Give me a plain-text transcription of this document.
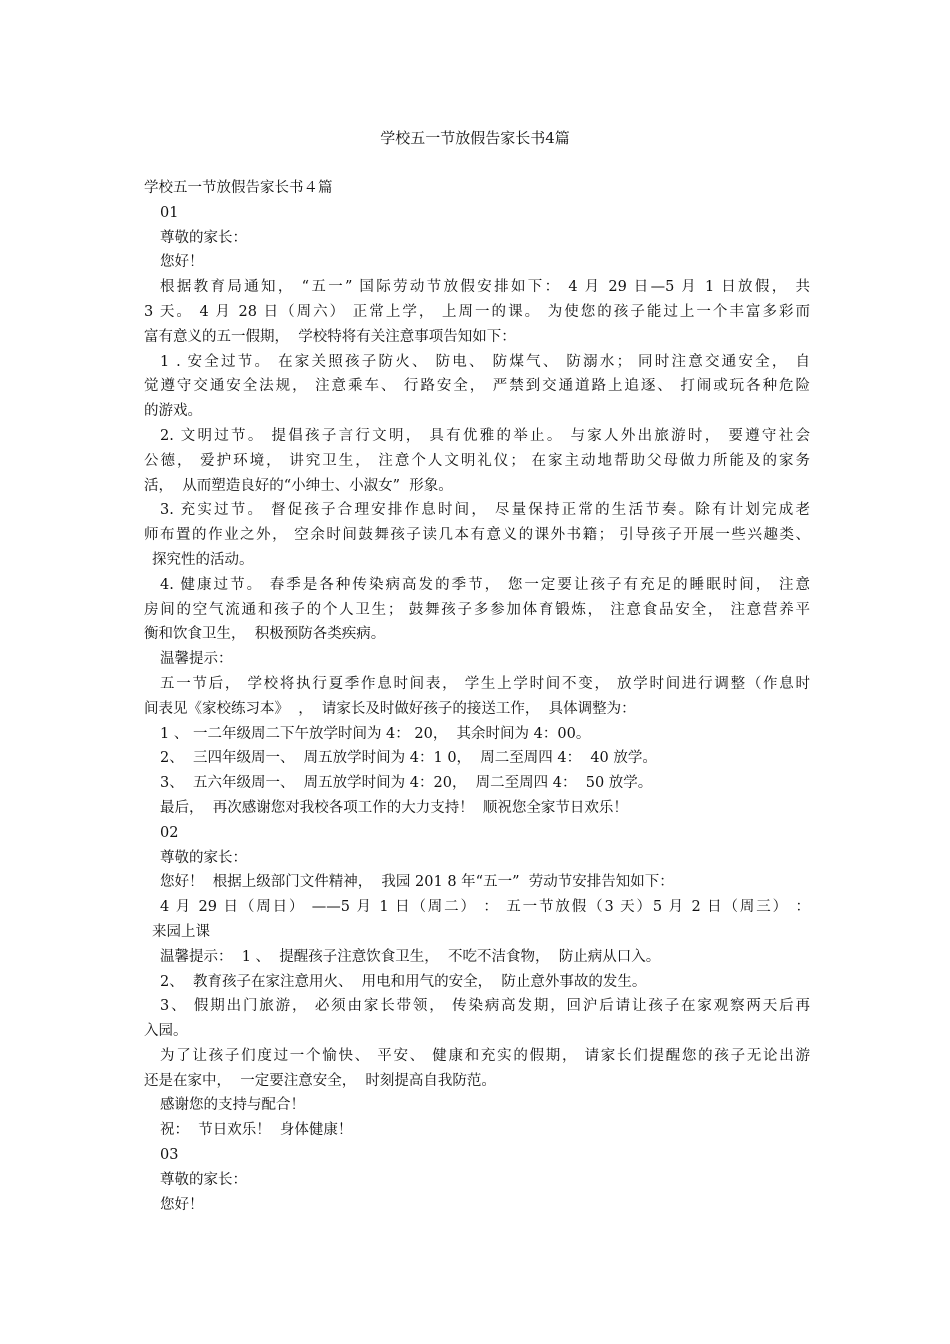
学校五一节放假告家长书4篇
学校五一节放假告家长书４篇
01
尊敬的家长：
您好！
根据教育局通知， “五一” 国际劳动节放假安排如下： 4 月 29 日—5 月 1 日放假， 共
3 天。 4 月 28 日（周六） 正常上学， 上周一的课。 为使您的孩子能过上一个丰富多彩而
富有意义的五一假期，  学校特将有关注意事项告知如下：
1 . 安全过节。 在家关照孩子防火、 防电、 防煤气、 防溺水； 同时注意交通安全， 自
觉遵守交通安全法规， 注意乘车、 行路安全， 严禁到交通道路上追逐、 打闹或玩各种危险
的游戏。
2. 文明过节。 提倡孩子言行文明， 具有优雅的举止。 与家人外出旅游时， 要遵守社会
公德， 爱护环境， 讲究卫生， 注意个人文明礼仪； 在家主动地帮助父母做力所能及的家务
活，  从而塑造良好的“小绅士、小淑女”  形象。
3. 充实过节。 督促孩子合理安排作息时间， 尽量保持正常的生活节奏。除有计划完成老
师布置的作业之外， 空余时间鼓舞孩子读几本有意义的课外书籍； 引导孩子开展一些兴趣类、
探究性的活动。
4. 健康过节。 春季是各种传染病高发的季节， 您一定要让孩子有充足的睡眠时间， 注意
房间的空气流通和孩子的个人卫生； 鼓舞孩子多参加体育锻炼， 注意食品安全， 注意营养平
衡和饮食卫生，  积极预防各类疾病。
温馨提示：
五一节后， 学校将执行夏季作息时间表， 学生上学时间不变， 放学时间进行调整（作息时
间表见《家校练习本》  ，  请家长及时做好孩子的接送工作，  具体调整为：
1 、 一二年级周二下午放学时间为 4： 20，  其余时间为 4：00。
2、  三四年级周一、  周五放学时间为 4：1 0，  周二至周四 4：  40 放学。
3、  五六年级周一、  周五放学时间为 4：20，  周二至周四 4：  50 放学。
最后，  再次感谢您对我校各项工作的大力支持！  顺祝您全家节日欢乐！
02
尊敬的家长：
您好！  根据上级部门文件精神，  我园 201 8 年“五一”  劳动节安排告知如下：
4 月 29 日（周日） ——5 月 1 日（周二） ： 五一节放假（3 天）5 月 2 日（周三） ：
来园上课
温馨提示：  1 、  提醒孩子注意饮食卫生，  不吃不洁食物，  防止病从口入。
2、  教育孩子在家注意用火、  用电和用气的安全，  防止意外事故的发生。
3、 假期出门旅游， 必须由家长带领， 传染病高发期，回沪后请让孩子在家观察两天后再
入园。
为了让孩子们度过一个愉快、 平安、 健康和充实的假期， 请家长们提醒您的孩子无论出游
还是在家中，  一定要注意安全，  时刻提高自我防范。
感谢您的支持与配合！
祝：  节日欢乐！  身体健康！
03
尊敬的家长：
您好！
